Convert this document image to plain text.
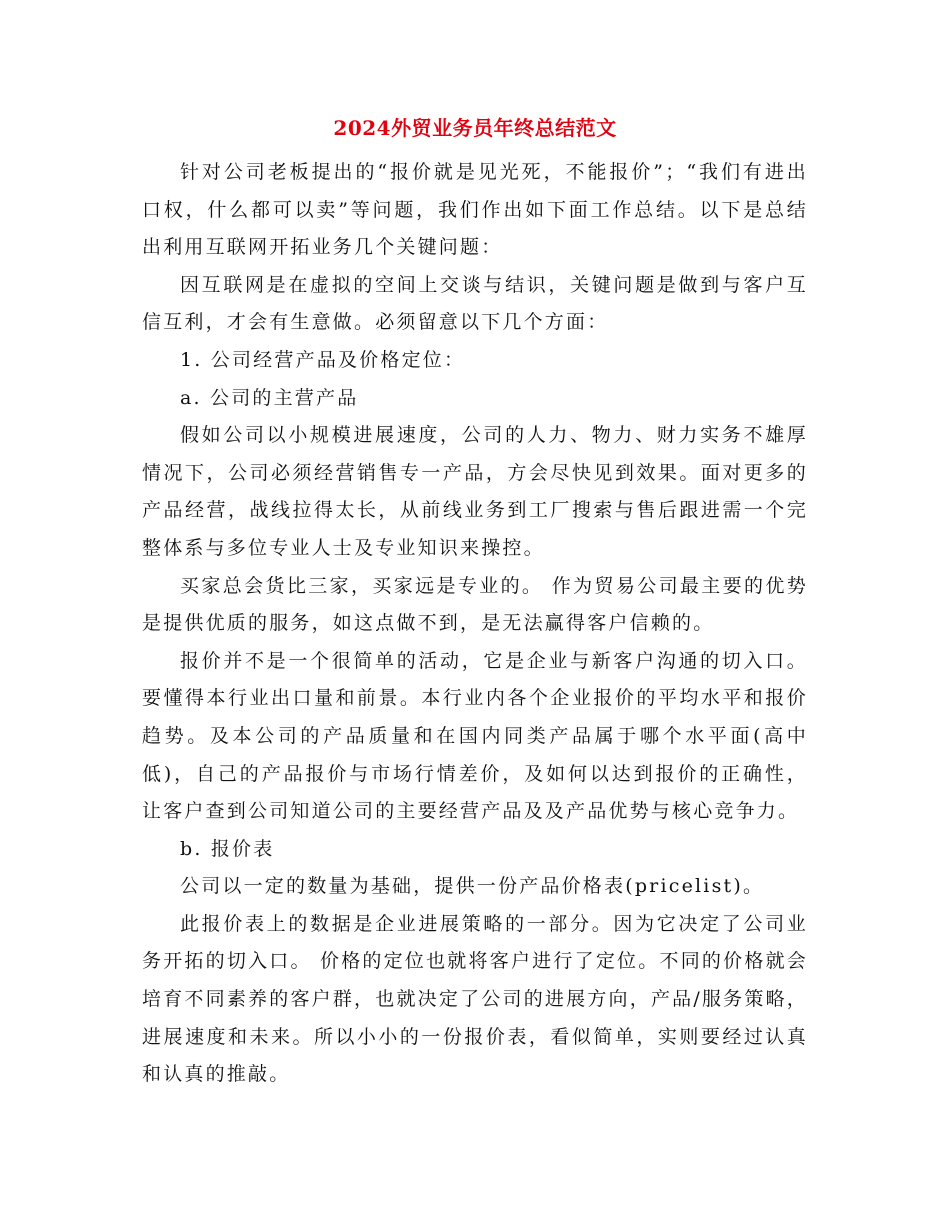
2024外贸业务员年终总结范文

针对公司老板提出的“报价就是见光死，不能报价”；“我们有进出口权，什么都可以卖”等问题，我们作出如下面工作总结。以下是总结出利用互联网开拓业务几个关键问题：

因互联网是在虚拟的空间上交谈与结识，关键问题是做到与客户互信互利，才会有生意做。必须留意以下几个方面：

1. 公司经营产品及价格定位：

a. 公司的主营产品

假如公司以小规模进展速度，公司的人力、物力、财力实务不雄厚情况下，公司必须经营销售专一产品，方会尽快见到效果。面对更多的产品经营，战线拉得太长，从前线业务到工厂搜索与售后跟进需一个完整体系与多位专业人士及专业知识来操控。

买家总会货比三家，买家远是专业的。 作为贸易公司最主要的优势是提供优质的服务，如这点做不到，是无法赢得客户信赖的。

报价并不是一个很简单的活动，它是企业与新客户沟通的切入口。要懂得本行业出口量和前景。本行业内各个企业报价的平均水平和报价趋势。及本公司的产品质量和在国内同类产品属于哪个水平面(高中低)，自己的产品报价与市场行情差价，及如何以达到报价的正确性，让客户查到公司知道公司的主要经营产品及及产品优势与核心竞争力。

b. 报价表

公司以一定的数量为基础，提供一份产品价格表(pricelist)。

此报价表上的数据是企业进展策略的一部分。因为它决定了公司业务开拓的切入口。 价格的定位也就将客户进行了定位。不同的价格就会培育不同素养的客户群，也就决定了公司的进展方向，产品/服务策略， 进展速度和未来。所以小小的一份报价表，看似简单，实则要经过认真和认真的推敲。
